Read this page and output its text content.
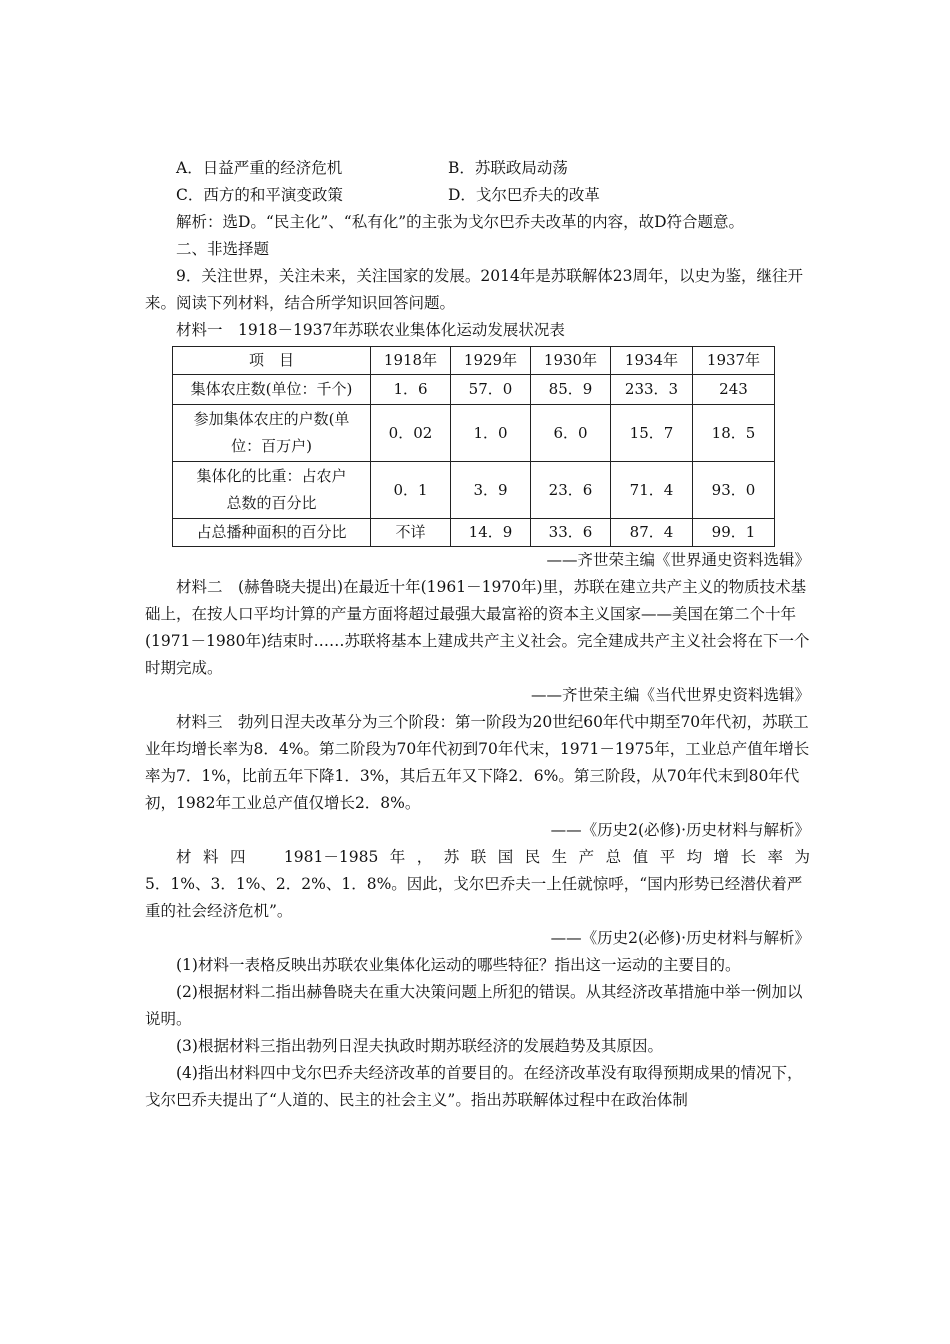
A．日益严重的经济危机	B．苏联政局动荡
C．西方的和平演变政策	D．戈尔巴乔夫的改革

解析：选D。“民主化”、“私有化”的主张为戈尔巴乔夫改革的内容，故D符合题意。

二、非选择题

9．关注世界，关注未来，关注国家的发展。2014年是苏联解体23周年，以史为鉴，继往开来。阅读下列材料，结合所学知识回答问题。

材料一　1918－1937年苏联农业集体化运动发展状况表

项　目	1918年	1929年	1930年	1934年	1937年
集体农庄数(单位：千个)	1．6	57．0	85．9	233．3	243
参加集体农庄的户数(单位：百万户)	0．02	1．0	6．0	15．7	18．5
集体化的比重：占农户总数的百分比	0．1	3．9	23．6	71．4	93．0
占总播种面积的百分比	不详	14．9	33．6	87．4	99．1

——齐世荣主编《世界通史资料选辑》

材料二　(赫鲁晓夫提出)在最近十年(1961－1970年)里，苏联在建立共产主义的物质技术基础上，在按人口平均计算的产量方面将超过最强大最富裕的资本主义国家——美国在第二个十年(1971－1980年)结束时……苏联将基本上建成共产主义社会。完全建成共产主义社会将在下一个时期完成。

——齐世荣主编《当代世界史资料选辑》

材料三　勃列日涅夫改革分为三个阶段：第一阶段为20世纪60年代中期至70年代初，苏联工业年均增长率为8．4%。第二阶段为70年代初到70年代末，1971－1975年，工业总产值年增长率为7．1%，比前五年下降1．3%，其后五年又下降2．6%。第三阶段，从70年代末到80年代初，1982年工业总产值仅增长2．8%。

——《历史2(必修)·历史材料与解析》

材料四　1981－1985年，苏联国民生产总值平均增长率为

5．1%、3．1%、2．2%、1．8%。因此，戈尔巴乔夫一上任就惊呼，“国内形势已经潜伏着严重的社会经济危机”。

——《历史2(必修)·历史材料与解析》

(1)材料一表格反映出苏联农业集体化运动的哪些特征？指出这一运动的主要目的。

(2)根据材料二指出赫鲁晓夫在重大决策问题上所犯的错误。从其经济改革措施中举一例加以说明。

(3)根据材料三指出勃列日涅夫执政时期苏联经济的发展趋势及其原因。

(4)指出材料四中戈尔巴乔夫经济改革的首要目的。在经济改革没有取得预期成果的情况下，戈尔巴乔夫提出了“人道的、民主的社会主义”。指出苏联解体过程中在政治体制
